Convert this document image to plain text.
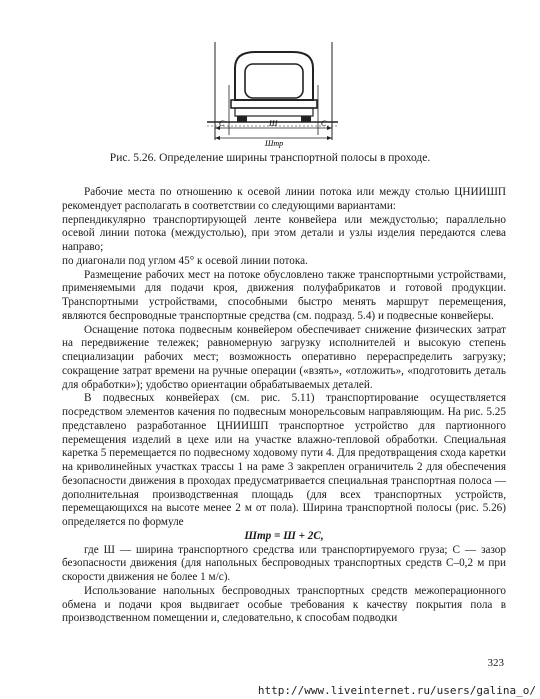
С	С
Ш
Штр
Рис. 5.26. Определение ширины транспортной полосы в проходе.

Рабочие места по отношению к осевой линии потока или между столью ЦНИИШП рекомендует располагать в соответствии со следующими вариантами:

перпендикулярно транспортирующей ленте конвейера или междустолью; параллельно осевой линии потока (междустолью), при этом детали и узлы изделия передаются слева направо;

по диагонали под углом 45° к осевой линии потока.

Размещение рабочих мест на потоке обусловлено также транспортными устройствами, применяемыми для подачи кроя, движения полуфабрикатов и готовой продукции. Транспортными устройствами, способными быстро менять маршрут перемещения, являются беспроводные транспортные средства (см. подразд. 5.4) и подвесные конвейеры.

Оснащение потока подвесным конвейером обеспечивает снижение физических затрат на передвижение тележек; равномерную загрузку исполнителей и высокую степень специализации рабочих мест; возможность оперативно перераспределить загрузку; сокращение затрат времени на ручные операции («взять», «отложить», «подготовить деталь для обработки»); удобство ориентации обрабатываемых деталей.

В подвесных конвейерах (см. рис. 5.11) транспортирование осуществляется посредством элементов качения по подвесным монорельсовым направляющим. На рис. 5.25 представлено разработанное ЦНИИШП транспортное устройство для партионного перемещения изделий в цехе или на участке влажно-тепловой обработки. Специальная каретка 5 перемещается по подвесному ходовому пути 4. Для предотвращения схода каретки на криволинейных участках трассы 1 на раме 3 закреплен ограничитель 2 для обеспечения безопасности движения в проходах предусматривается специальная транспортная полоса — дополнительная производственная площадь (для всех транспортных устройств, перемещающихся на высоте менее 2 м от пола). Ширина транспортной полосы (рис. 5.26) определяется по формуле

Штр = Ш + 2С,

где Ш — ширина транспортного средства или транспортируемого груза; С — зазор безопасности движения (для напольных беспроводных транспортных средств С–0,2 м при скорости движения не более 1 м/с).

Использование напольных беспроводных транспортных средств межоперационного обмена и подачи кроя выдвигает особые требования к качеству покрытия пола в производственном помещении и, следовательно, к способам подводки

323
http://www.liveinternet.ru/users/galina_o/
